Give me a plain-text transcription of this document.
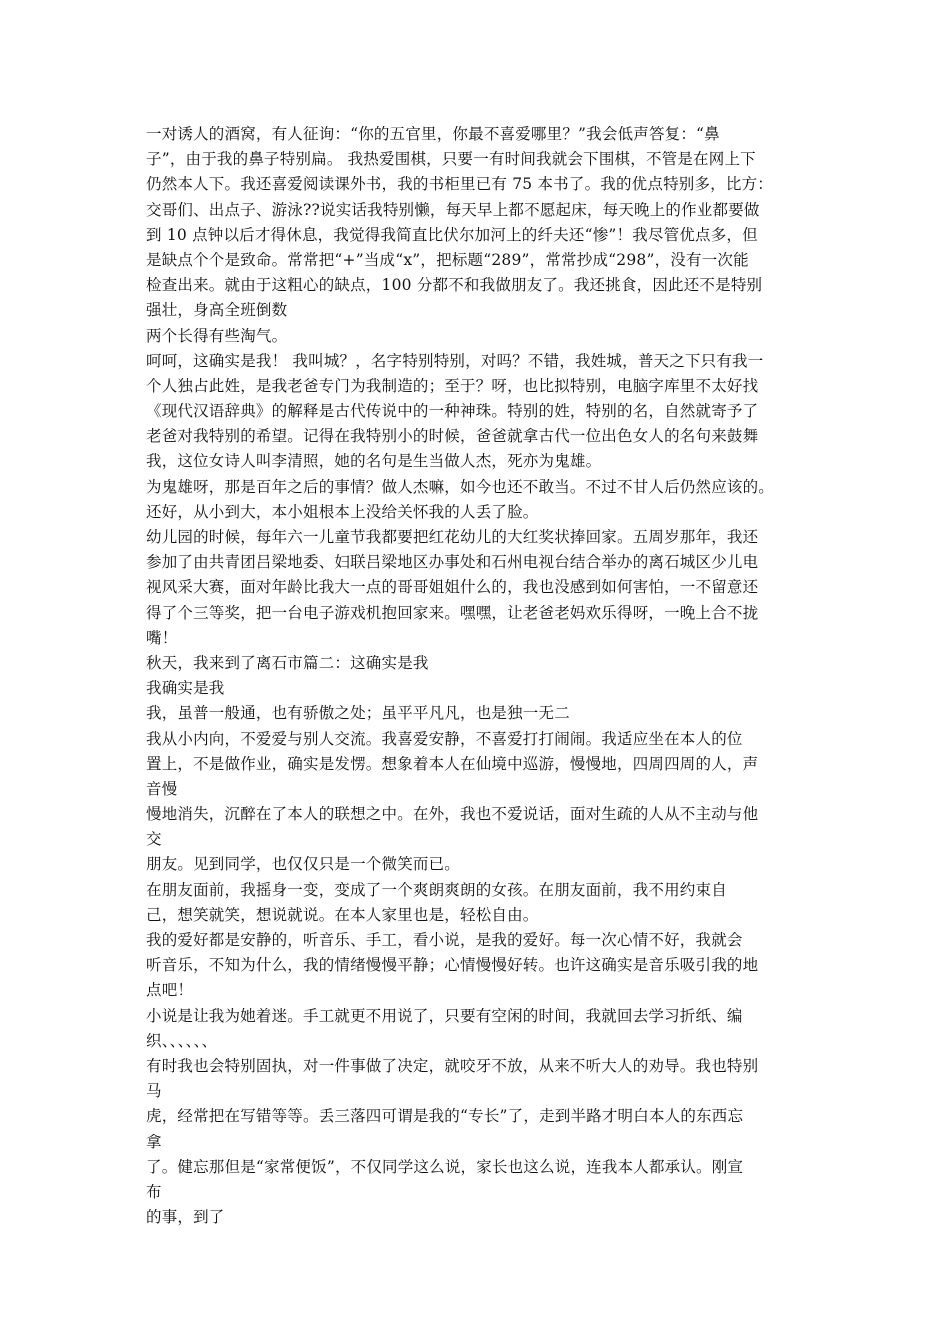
一对诱人的酒窝，有人征询：“你的五官里，你最不喜爱哪里？”我会低声答复：“鼻
子”，由于我的鼻子特别扁。 我热爱围棋，只要一有时间我就会下围棋，不管是在网上下
仍然本人下。我还喜爱阅读课外书，我的书柜里已有 75 本书了。我的优点特别多，比方：
交哥们、出点子、游泳??说实话我特别懒，每天早上都不愿起床，每天晚上的作业都要做
到 10 点钟以后才得休息，我觉得我简直比伏尔加河上的纤夫还“惨”！我尽管优点多，但
是缺点个个是致命。常常把“+”当成“x”，把标题“289”，常常抄成“298”，没有一次能
检查出来。就由于这粗心的缺点，100 分都不和我做朋友了。我还挑食，因此还不是特别
强壮，身高全班倒数
两个长得有些淘气。
呵呵，这确实是我！ 我叫城？，名字特别特别，对吗？不错，我姓城，普天之下只有我一
个人独占此姓，是我老爸专门为我制造的；至于？呀，也比拟特别，电脑字库里不太好找
《现代汉语辞典》的解释是古代传说中的一种神珠。特别的姓，特别的名，自然就寄予了
老爸对我特别的希望。记得在我特别小的时候，爸爸就拿古代一位出色女人的名句来鼓舞
我，这位女诗人叫李清照，她的名句是生当做人杰，死亦为鬼雄。
为鬼雄呀，那是百年之后的事情？做人杰嘛，如今也还不敢当。不过不甘人后仍然应该的。
还好，从小到大，本小姐根本上没给关怀我的人丢了脸。
幼儿园的时候，每年六一儿童节我都要把红花幼儿的大红奖状捧回家。五周岁那年，我还
参加了由共青团吕梁地委、妇联吕梁地区办事处和石州电视台结合举办的离石城区少儿电
视风采大赛，面对年龄比我大一点的哥哥姐姐什么的，我也没感到如何害怕，一不留意还
得了个三等奖，把一台电子游戏机抱回家来。嘿嘿，让老爸老妈欢乐得呀，一晚上合不拢
嘴！
秋天，我来到了离石市篇二：这确实是我
我确实是我
我，虽普一般通，也有骄傲之处；虽平平凡凡，也是独一无二
我从小内向，不爱爱与别人交流。我喜爱安静，不喜爱打打闹闹。我适应坐在本人的位
置上，不是做作业，确实是发愣。想象着本人在仙境中巡游，慢慢地，四周四周的人，声
音慢
慢地消失，沉醉在了本人的联想之中。在外，我也不爱说话，面对生疏的人从不主动与他
交
朋友。见到同学，也仅仅只是一个微笑而已。
在朋友面前，我摇身一变，变成了一个爽朗爽朗的女孩。在朋友面前，我不用约束自
己，想笑就笑，想说就说。在本人家里也是，轻松自由。
我的爱好都是安静的，听音乐、手工，看小说，是我的爱好。每一次心情不好，我就会
听音乐，不知为什么，我的情绪慢慢平静；心情慢慢好转。也许这确实是音乐吸引我的地
点吧！
小说是让我为她着迷。手工就更不用说了，只要有空闲的时间，我就回去学习折纸、编
织、、、、、、
有时我也会特别固执，对一件事做了决定，就咬牙不放，从来不听大人的劝导。我也特别
马
虎，经常把在写错等等。丢三落四可谓是我的“专长”了，走到半路才明白本人的东西忘
拿
了。健忘那但是“家常便饭”，不仅同学这么说，家长也这么说，连我本人都承认。刚宣
布
的事，到了
